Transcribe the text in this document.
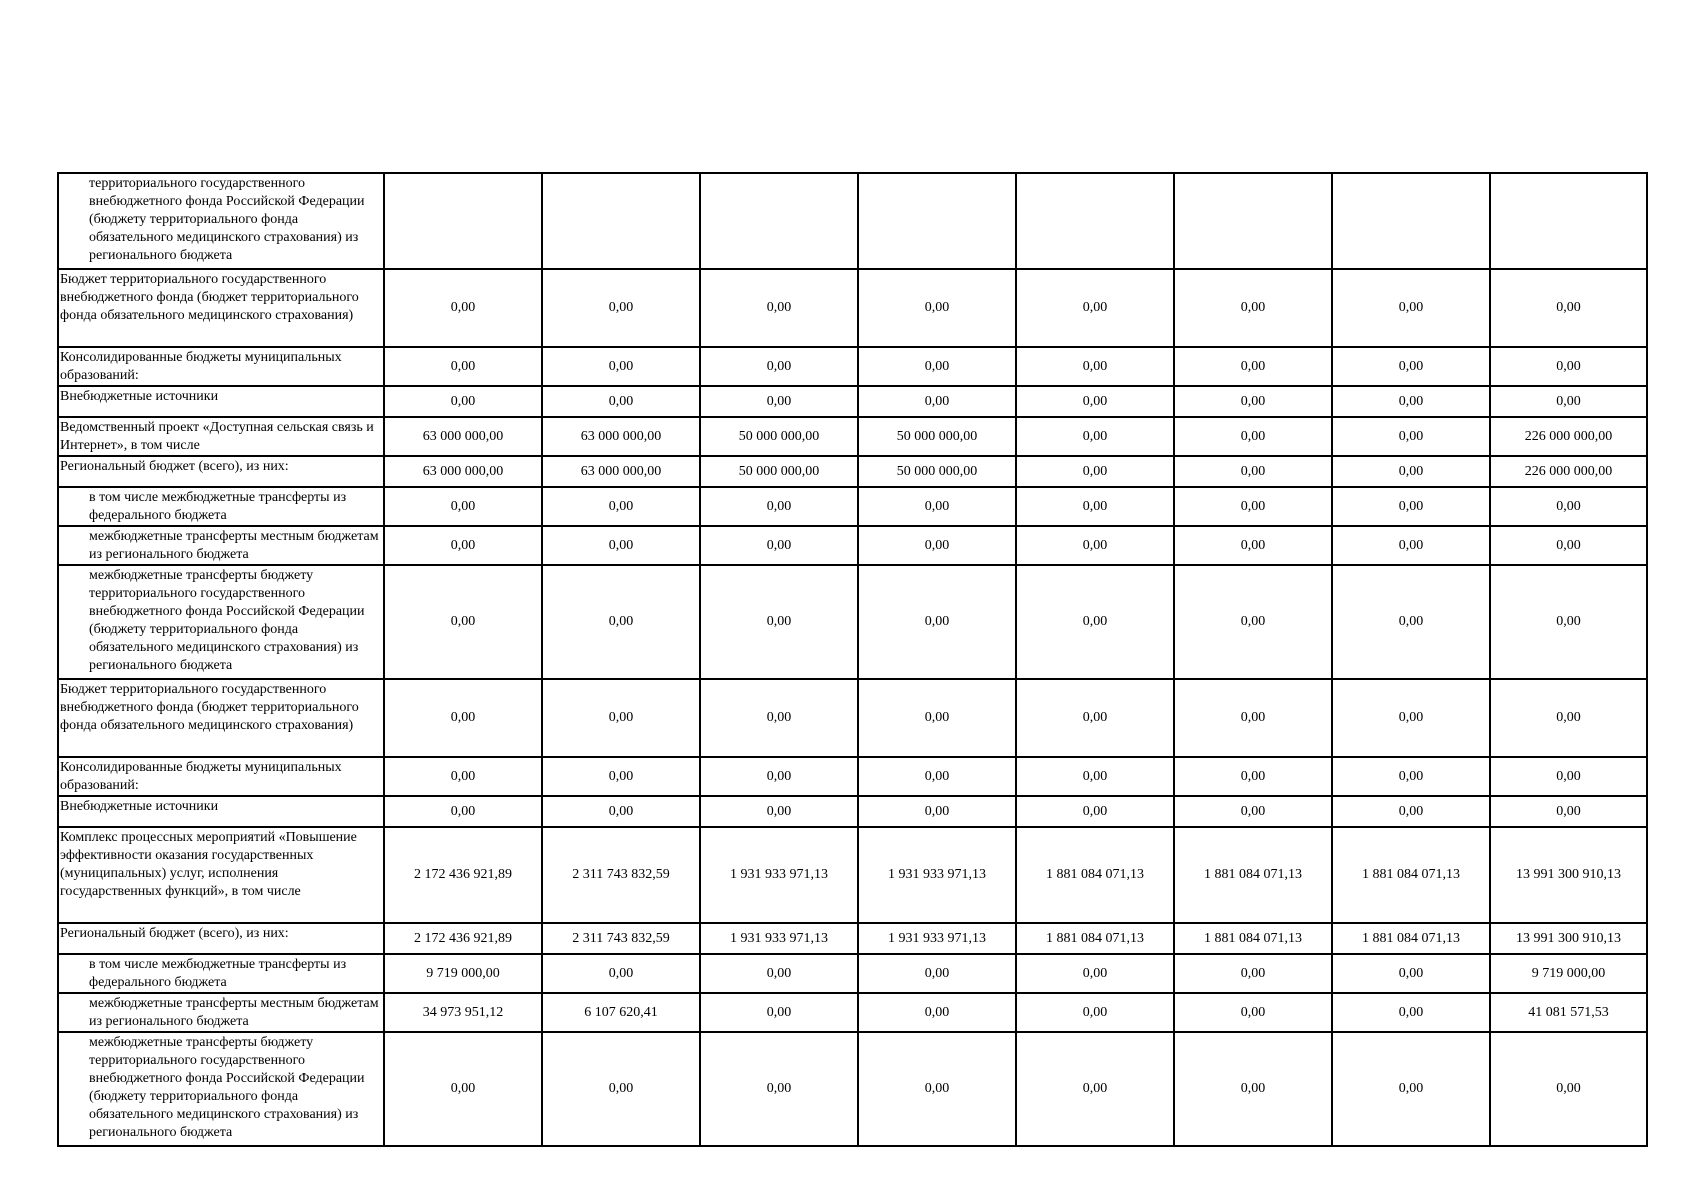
территориального государственного внебюджетного фонда Российской Федерации (бюджету территориального фонда обязательного медицинского страхования) из регионального бюджета								
Бюджет территориального государственного внебюджетного фонда (бюджет территориального фонда обязательного медицинского страхования)	0,00	0,00	0,00	0,00	0,00	0,00	0,00	0,00
Консолидированные бюджеты муниципальных образований:	0,00	0,00	0,00	0,00	0,00	0,00	0,00	0,00
Внебюджетные источники	0,00	0,00	0,00	0,00	0,00	0,00	0,00	0,00
Ведомственный проект «Доступная сельская связь и Интернет», в том числе	63 000 000,00	63 000 000,00	50 000 000,00	50 000 000,00	0,00	0,00	0,00	226 000 000,00
Региональный бюджет (всего), из них:	63 000 000,00	63 000 000,00	50 000 000,00	50 000 000,00	0,00	0,00	0,00	226 000 000,00
в том числе межбюджетные трансферты из федерального бюджета	0,00	0,00	0,00	0,00	0,00	0,00	0,00	0,00
межбюджетные трансферты местным бюджетам из регионального бюджета	0,00	0,00	0,00	0,00	0,00	0,00	0,00	0,00
межбюджетные трансферты бюджету территориального государственного внебюджетного фонда Российской Федерации (бюджету территориального фонда обязательного медицинского страхования) из регионального бюджета	0,00	0,00	0,00	0,00	0,00	0,00	0,00	0,00
Бюджет территориального государственного внебюджетного фонда (бюджет территориального фонда обязательного медицинского страхования)	0,00	0,00	0,00	0,00	0,00	0,00	0,00	0,00
Консолидированные бюджеты муниципальных образований:	0,00	0,00	0,00	0,00	0,00	0,00	0,00	0,00
Внебюджетные источники	0,00	0,00	0,00	0,00	0,00	0,00	0,00	0,00
Комплекс процессных мероприятий «Повышение эффективности оказания государственных (муниципальных) услуг, исполнения государственных функций», в том числе	2 172 436 921,89	2 311 743 832,59	1 931 933 971,13	1 931 933 971,13	1 881 084 071,13	1 881 084 071,13	1 881 084 071,13	13 991 300 910,13
Региональный бюджет (всего), из них:	2 172 436 921,89	2 311 743 832,59	1 931 933 971,13	1 931 933 971,13	1 881 084 071,13	1 881 084 071,13	1 881 084 071,13	13 991 300 910,13
в том числе межбюджетные трансферты из федерального бюджета	9 719 000,00	0,00	0,00	0,00	0,00	0,00	0,00	9 719 000,00
межбюджетные трансферты местным бюджетам из регионального бюджета	34 973 951,12	6 107 620,41	0,00	0,00	0,00	0,00	0,00	41 081 571,53
межбюджетные трансферты бюджету территориального государственного внебюджетного фонда Российской Федерации (бюджету территориального фонда обязательного медицинского страхования) из регионального бюджета	0,00	0,00	0,00	0,00	0,00	0,00	0,00	0,00
